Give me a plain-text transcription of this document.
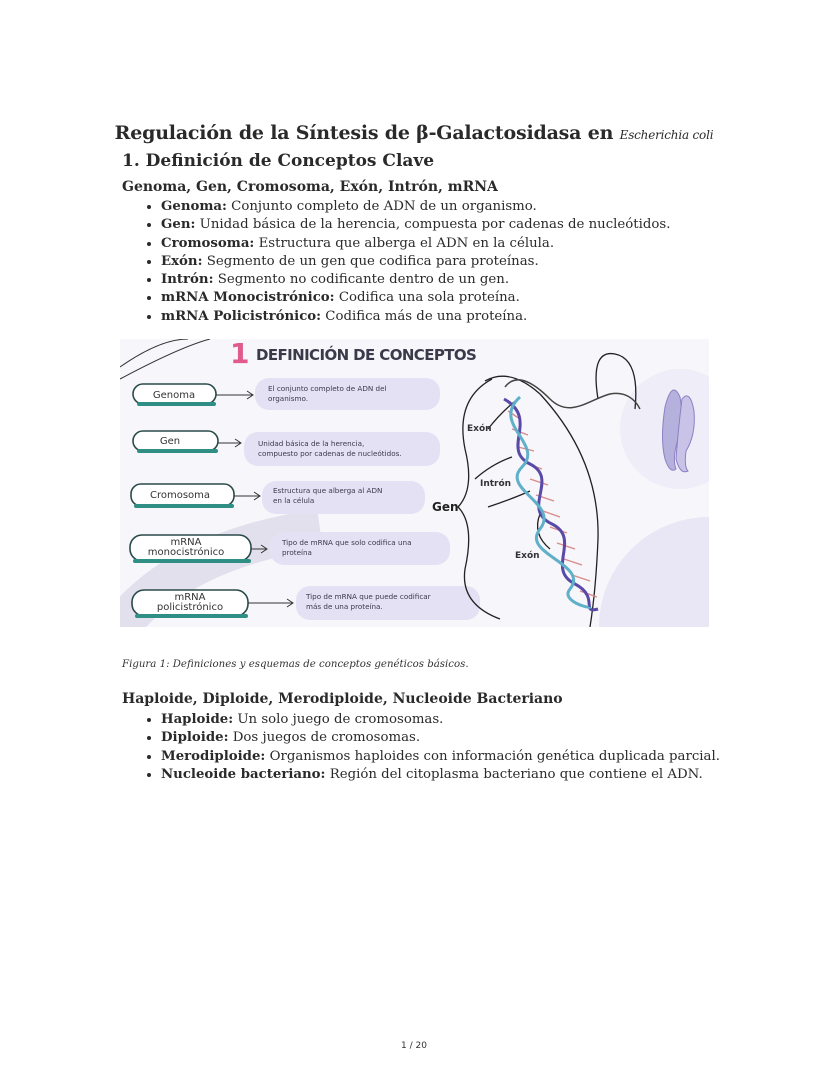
Regulación de la Síntesis de β-Galactosidasa en Escherichia coli
1. Definición de Conceptos Clave
Genoma, Gen, Cromosoma, Exón, Intrón, mRNA
• Genoma: Conjunto completo de ADN de un organismo.
• Gen: Unidad básica de la herencia, compuesta por cadenas de nucleótidos.
• Cromosoma: Estructura que alberga el ADN en la célula.
• Exón: Segmento de un gen que codifica para proteínas.
• Intrón: Segmento no codificante dentro de un gen.
• mRNA Monocistrónico: Codifica una sola proteína.
• mRNA Policistrónico: Codifica más de una proteína.
1 DEFINICIÓN DE CONCEPTOS
Genoma
Gen
Cromosoma
mRNA
monocistrónico
mRNA
policistrónico
El conjunto completo de ADN del
organismo.
Unidad básica de la herencia,
compuesto por cadenas de nucleótidos.
Estructura que alberga al ADN
en la célula
Tipo de mRNA que solo codifica una
proteína
Tipo de mRNA que puede codificar
más de una proteína.
Exón
Intrón
Gen
Exón
Figura 1: Definiciones y esquemas de conceptos genéticos básicos.
Haploide, Diploide, Merodiploide, Nucleoide Bacteriano
• Haploide: Un solo juego de cromosomas.
• Diploide: Dos juegos de cromosomas.
• Merodiploide: Organismos haploides con información genética duplicada parcial.
• Nucleoide bacteriano: Región del citoplasma bacteriano que contiene el ADN.
1 / 20
